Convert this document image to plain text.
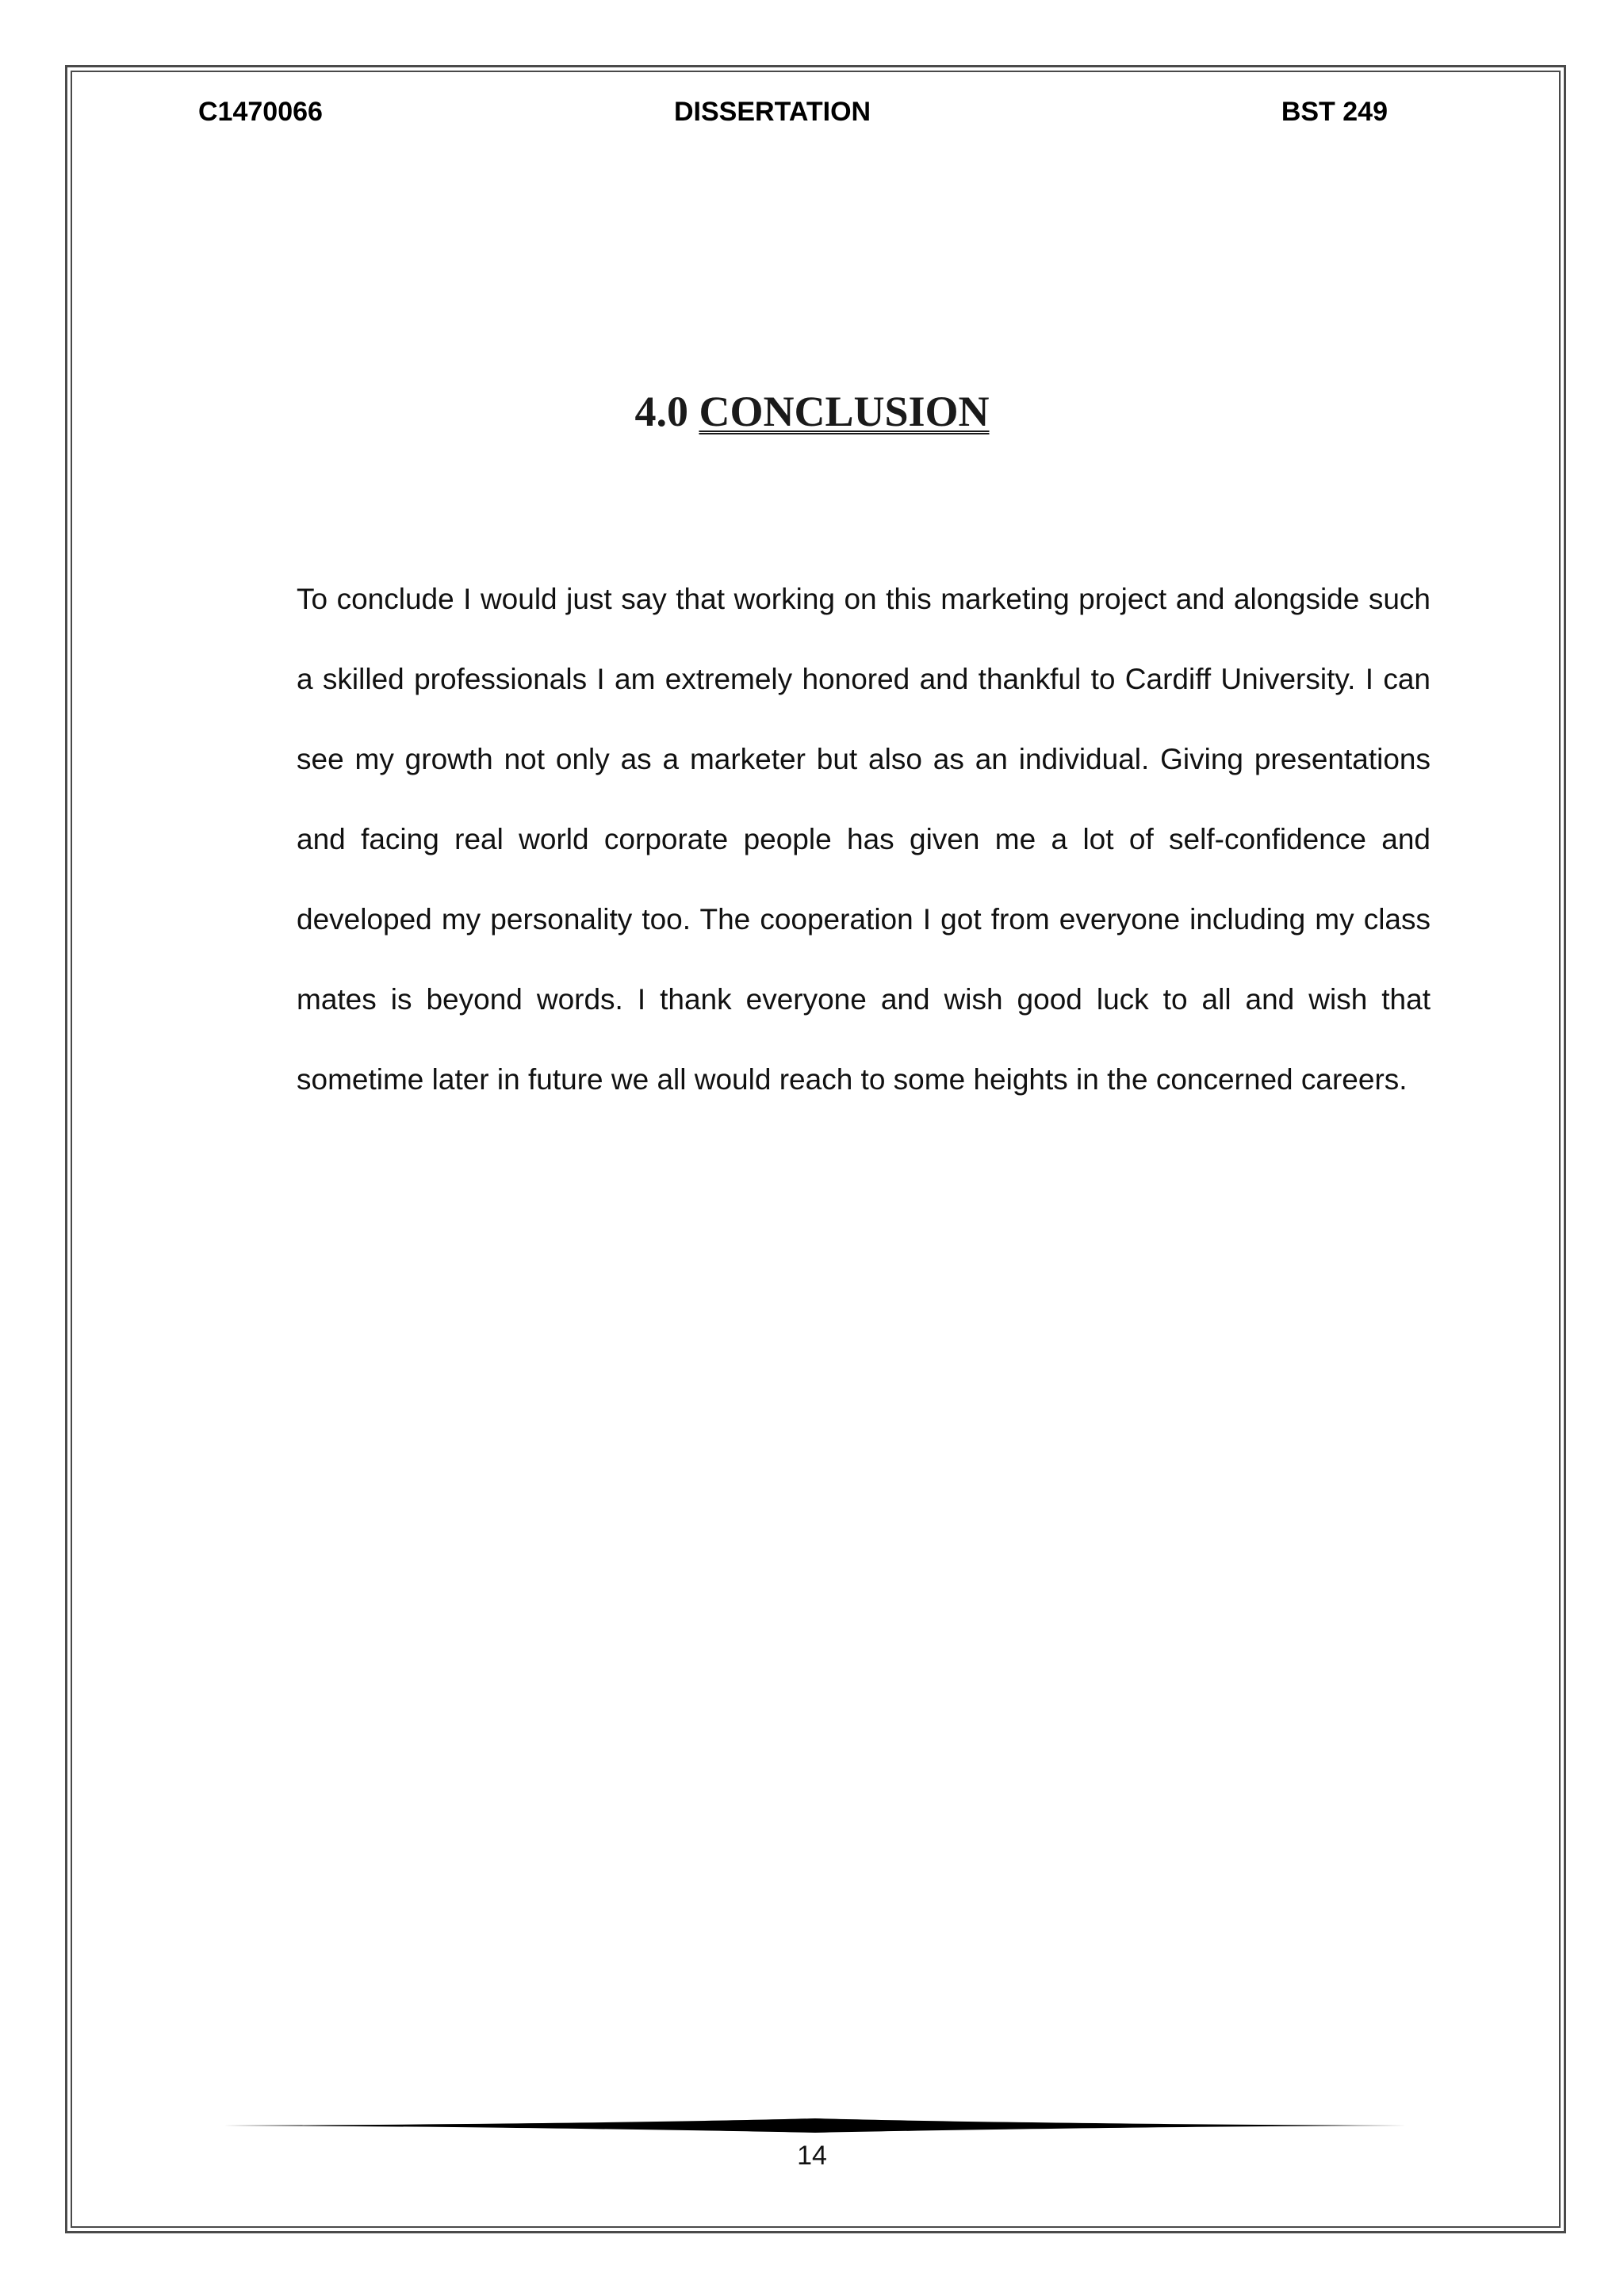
C1470066	DISSERTATION	BST 249
4.0 CONCLUSION

To conclude I would just say that working on this marketing project and alongside such a skilled professionals I am extremely honored and thankful to Cardiff University. I can see my growth not only as a marketer but also as an individual. Giving presentations and facing real world corporate people has given me a lot of self-confidence and developed my personality too. The cooperation I got from everyone including my class mates is beyond words. I thank everyone and wish good luck to all and wish that sometime later in future we all would reach to some heights in the concerned careers.

14
